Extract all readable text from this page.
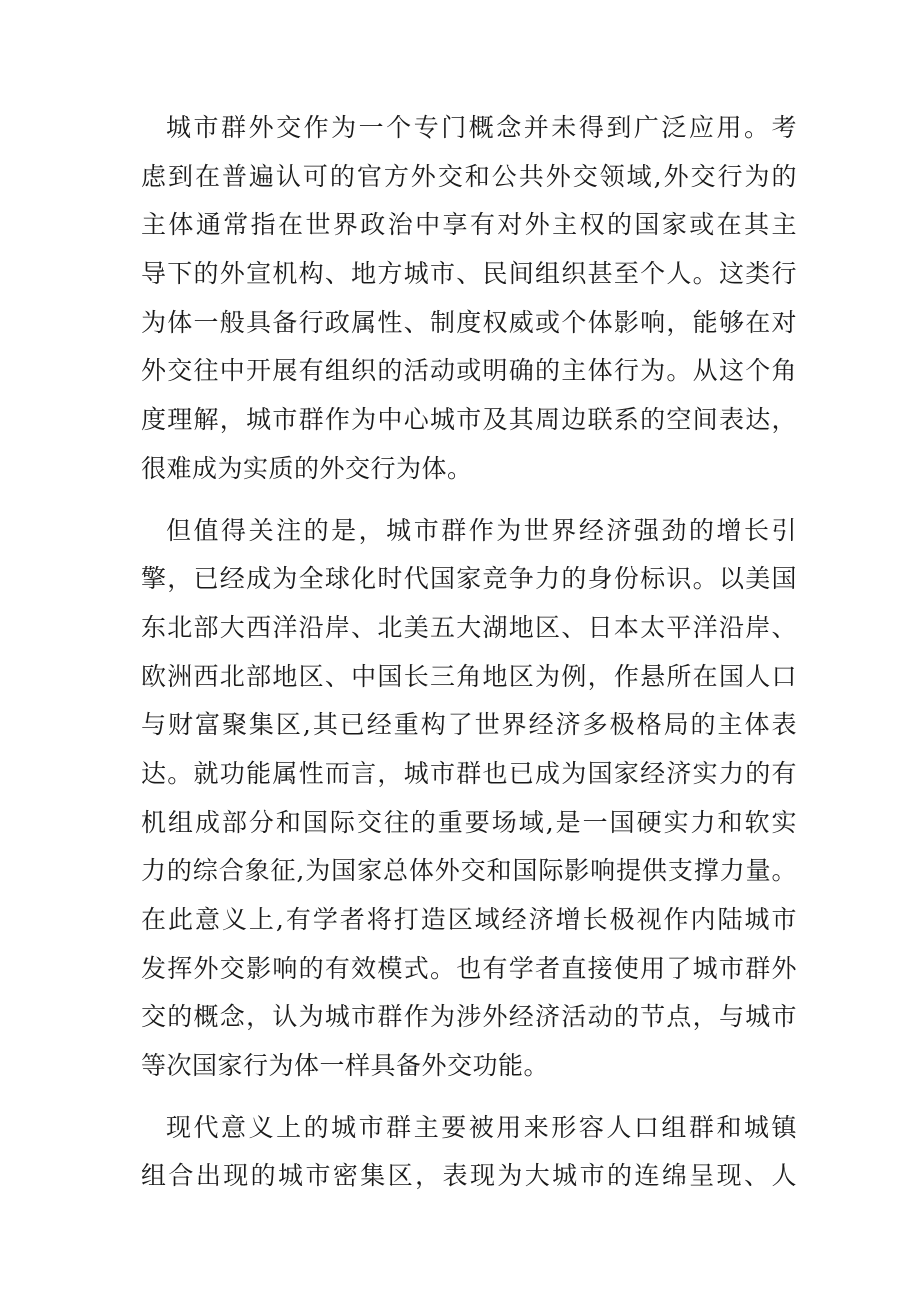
城市群外交作为一个专门概念并未得到广泛应用。考
虑到在普遍认可的官方外交和公共外交领域,外交行为的
主体通常指在世界政治中享有对外主权的国家或在其主
导下的外宣机构、地方城市、民间组织甚至个人。这类行
为体一般具备行政属性、制度权威或个体影响，能够在对
外交往中开展有组织的活动或明确的主体行为。从这个角
度理解，城市群作为中心城市及其周边联系的空间表达，
很难成为实质的外交行为体。
但值得关注的是，城市群作为世界经济强劲的增长引
擎，已经成为全球化时代国家竞争力的身份标识。以美国
东北部大西洋沿岸、北美五大湖地区、日本太平洋沿岸、
欧洲西北部地区、中国长三角地区为例，作悬所在国人口
与财富聚集区,其已经重构了世界经济多极格局的主体表
达。就功能属性而言，城市群也已成为国家经济实力的有
机组成部分和国际交往的重要场域,是一国硬实力和软实
力的综合象征,为国家总体外交和国际影响提供支撑力量。
在此意义上,有学者将打造区域经济增长极视作内陆城市
发挥外交影响的有效模式。也有学者直接使用了城市群外
交的概念，认为城市群作为涉外经济活动的节点，与城市
等次国家行为体一样具备外交功能。
现代意义上的城市群主要被用来形容人口组群和城镇
组合出现的城市密集区，表现为大城市的连绵呈现、人
